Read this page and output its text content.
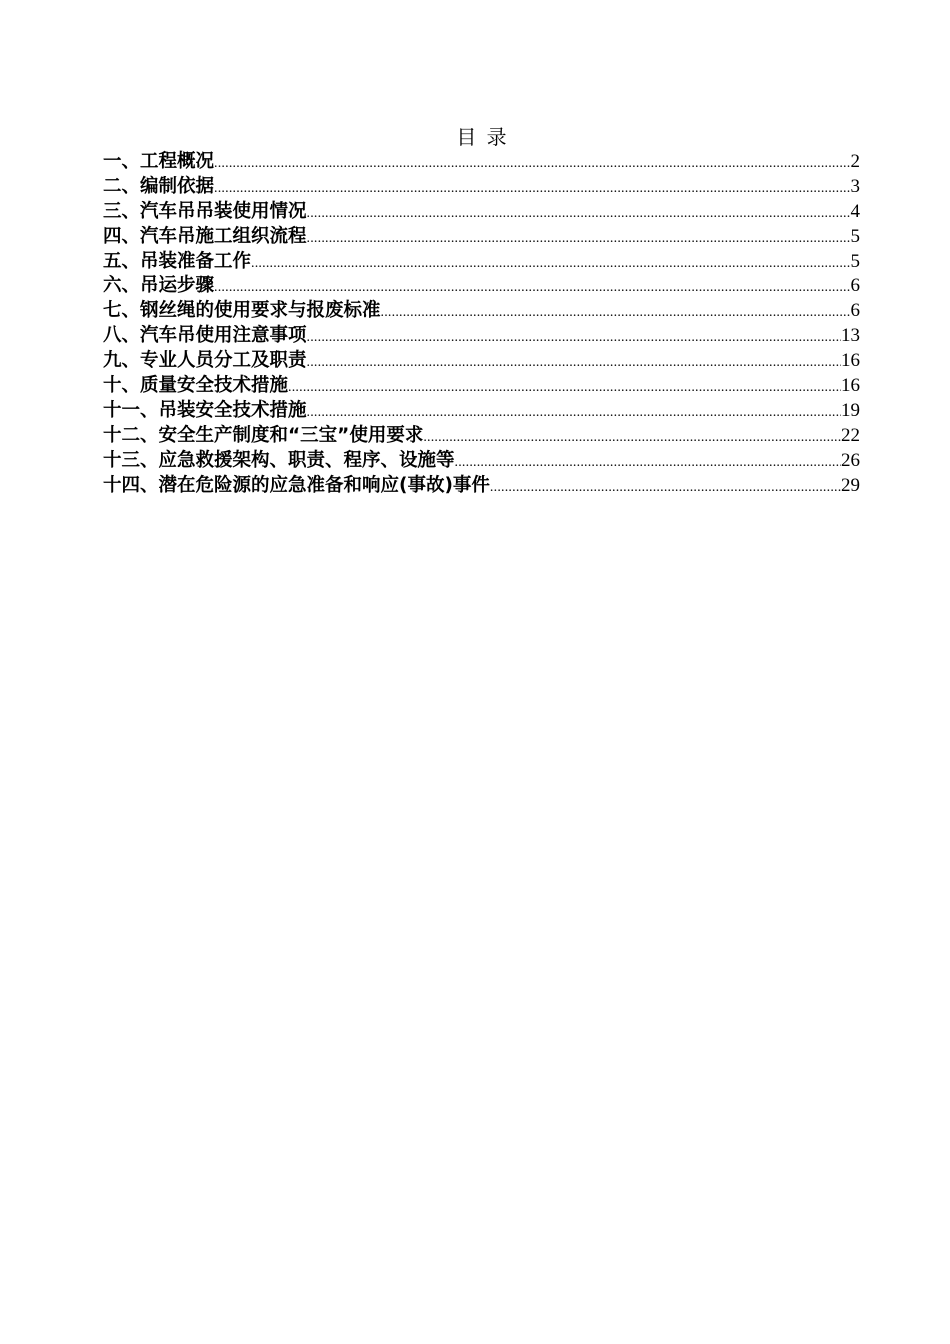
目 录
一、工程概况 .....	2
二、编制依据 .....	3
三、汽车吊吊装使用情况 .....	4
四、汽车吊施工组织流程 .....	5
五、吊装准备工作 .....	5
六、吊运步骤 .....	6
七、钢丝绳的使用要求与报废标准 .....	6
八、汽车吊使用注意事项 .....	13
九、专业人员分工及职责 .....	16
十、质量安全技术措施 .....	16
十一、吊装安全技术措施 .....	19
十二、安全生产制度和“三宝”使用要求 .....	22
十三、应急救援架构、职责、程序、设施等 .....	26
十四、潜在危险源的应急准备和响应(事故)事件 .....	29
